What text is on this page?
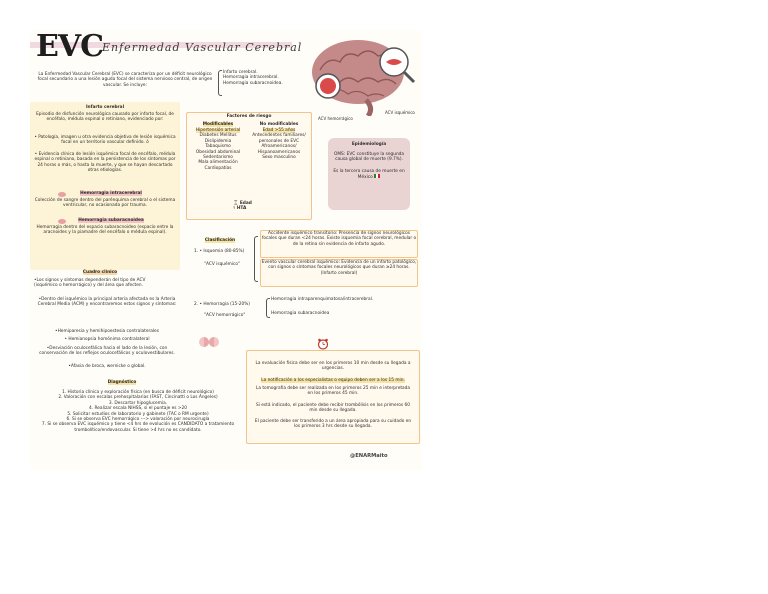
EVC
Enfermedad Vascular Cerebral
La Enfermedad Vascular Cerebral (EVC) se caracteriza por un déficit neurológico focal secundario a una lesión aguda focal del sistema nervioso central, de origen vascular. Se incluye:
Infarto cerebral.
Hemorragia intracerebral.
Hemorragia subaracnoidea.
ACV hemorrágico
ACV isquémico
Infarto cerebral
Episodio de disfunción neurológica causado por infarto focal, de encéfalo, médula espinal o retiniano, evidenciado por:
• Patología, imagen u otra evidencia objetiva de lesión isquémica focal en un territorio vascular definido. ó
• Evidencia clínica de lesión isquémica focal de encéfalo, médula espinal o retiniano, basada en la persistencia de los síntomas por 24 horas o más, o hasta la muerte, y que se hayan descartado otras etiologías.
Hemorragia intracerebral
Colección de sangre dentro del parénquima cerebral o el sistema ventricular, no ocasionada por trauma.
Hemorragia subaracnoidea
Hemorragia dentro del espacio subaracnoideo (espacio entre la aracnoides y la piamadre del encéfalo o médula espinal).
Factores de riesgo
Modificables	No modificables
Hipertensión arterial
Diabetes Mellitus
Dislipidemia
Tabaquismo
Obesidad abdominal
Sedentarismo
Mala alimentación
Cardiopatías
Edad >55 años
Antecedentes familiares/ personales de EVC
Afroamericanos/ Hispanoamericanos
Sexo masculino
⌛ Edad
⚕ HTA
Epidemiología
OMS: EVC constituye la segunda causa global de muerte (9.7%).
Es la tercera causa de muerte en México
Clasificación
1. • Isquemia (80-85%)
"ACV isquémico"
Accidente isquémico transitorio: Presencia de signos neurológicos focales que duran <24 horas. Existe isquemia focal cerebral, medular o de la retina sin evidencia de infarto agudo.
Evento vascular cerebral isquémico: Evidencia de un infarto patológico, con signos o síntomas focales neurológicos que duran ≥24 horas. (Infarto cerebral)
2. • Hemorragia (15-20%)
"ACV hemorrágico"
Hemorragia intraparenquimatosa/intracerebral.
Hemorragia subaracnoidea
Cuadro clínico
•Los signos y síntomas dependerán del tipo de ACV (isquémico o hemorrágico) y del área que afecten.
•Dentro del isquémico la principal arteria afectada es la Arteria Cerebral Media (ACM) y encontraremos estos signos y síntomas:
•Hemiparesia y hemihipoestesia contralaterales
• Hemianopsia homónima contralateral
•Desviación oculocefálica hacia el lado de la lesión, con conservación de los reflejos oculocefálicos y oculovestibulares.
•Afasia de broca, wernicke o global.
Diagnóstico
1. Historia clínica y exploración física (en busca de déficit neurológico)
2. Valoración con escalas prehospitalarias (FAST, Cincinatti o Los Ángeles)
3. Descartar hipoglucemia.
4. Realizar escala NIHSS, si el puntaje es >20
5. Solicitar estudios de laboratorio y gabinete (TAC o RM urgente)
6. Si se observa EVC hemorrágico ---> valoración por neurocirugía
7. Si se observa EVC isquémico y tiene <4 hrs de evolución es CANDIDATO a tratamiento trombolítico/endovascular. Si tiene >4 hrs no es candidato.
La evaluación física debe ser en los primeros 10 min desde su llegada a urgencias.
La notificación a los especialistas o equipo deben ser a los 15 min.
La tomografía debe ser realizada en los primeros 25 min e interpretada en los primeros 45 min.
Si está indicado, el paciente debe recibir trombólisis en los primeros 60 min desde su llegada.
El paciente debe ser transferido a un área apropiada para su cuidado en los primeros 3 hrs desde su llegada.
@ENARMaito
